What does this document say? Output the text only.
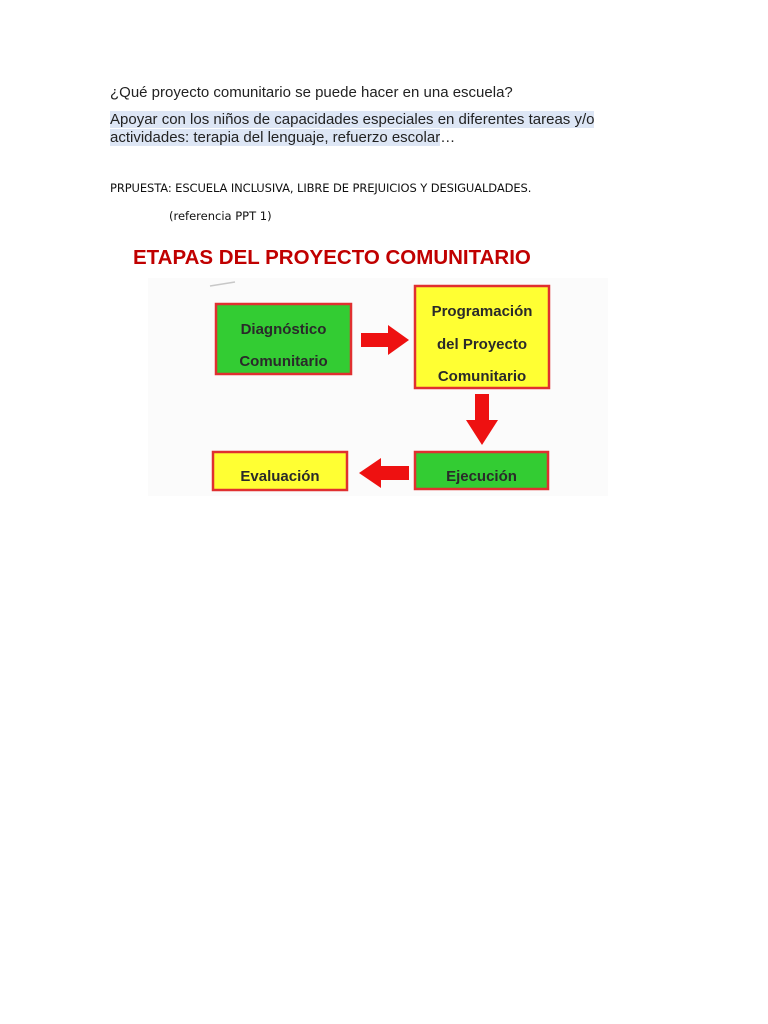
¿Qué proyecto comunitario se puede hacer en una escuela?
Apoyar con los niños de capacidades especiales en diferentes tareas y/o actividades: terapia del lenguaje, refuerzo escolar…
PRPUESTA: ESCUELA INCLUSIVA, LIBRE DE PREJUICIOS Y DESIGUALDADES.
(referencia PPT 1)
ETAPAS DEL PROYECTO COMUNITARIO
Diagnóstico
Comunitario
Programación
del Proyecto
Comunitario
Ejecución
Evaluación
